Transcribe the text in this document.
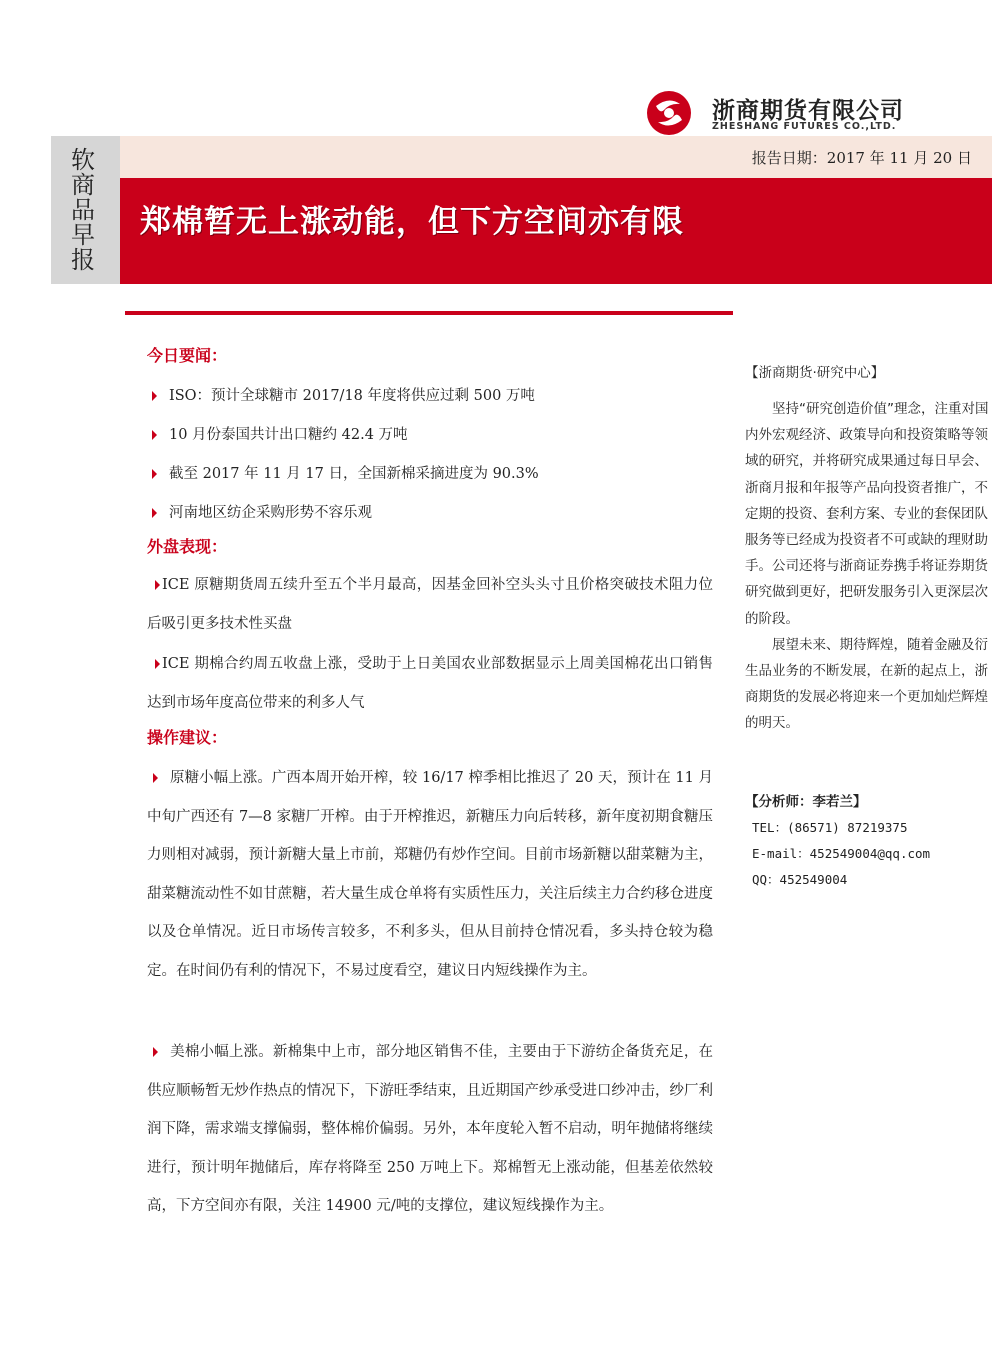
浙商期货有限公司
ZHESHANG FUTURES CO.,LTD.
软商品早报
报告日期：2017 年 11 月 20 日
郑棉暂无上涨动能，但下方空间亦有限
今日要闻：
ISO：预计全球糖市 2017/18 年度将供应过剩 500 万吨
10 月份泰国共计出口糖约 42.4 万吨
截至 2017 年 11 月 17 日，全国新棉采摘进度为 90.3%
河南地区纺企采购形势不容乐观
外盘表现：
ICE 原糖期货周五续升至五个半月最高，因基金回补空头头寸且价格突破技术阻力位后吸引更多技术性买盘
ICE 期棉合约周五收盘上涨，受助于上日美国农业部数据显示上周美国棉花出口销售达到市场年度高位带来的利多人气
操作建议：
原糖小幅上涨。广西本周开始开榨，较 16/17 榨季相比推迟了 20 天，预计在 11 月中旬广西还有 7—8 家糖厂开榨。由于开榨推迟，新糖压力向后转移，新年度初期食糖压力则相对减弱，预计新糖大量上市前，郑糖仍有炒作空间。目前市场新糖以甜菜糖为主，甜菜糖流动性不如甘蔗糖，若大量生成仓单将有实质性压力，关注后续主力合约移仓进度以及仓单情况。近日市场传言较多，不利多头，但从目前持仓情况看，多头持仓较为稳定。在时间仍有利的情况下，不易过度看空，建议日内短线操作为主。
美棉小幅上涨。新棉集中上市，部分地区销售不佳，主要由于下游纺企备货充足，在供应顺畅暂无炒作热点的情况下，下游旺季结束，且近期国产纱承受进口纱冲击，纱厂利润下降，需求端支撑偏弱，整体棉价偏弱。另外，本年度轮入暂不启动，明年抛储将继续进行，预计明年抛储后，库存将降至 250 万吨上下。郑棉暂无上涨动能，但基差依然较高，下方空间亦有限，关注 14900 元/吨的支撑位，建议短线操作为主。
【浙商期货·研究中心】

坚持“研究创造价值”理念，注重对国内外宏观经济、政策导向和投资策略等领域的研究，并将研究成果通过每日早会、浙商月报和年报等产品向投资者推广，不定期的投资、套利方案、专业的套保团队服务等已经成为投资者不可或缺的理财助手。公司还将与浙商证券携手将证券期货研究做到更好，把研发服务引入更深层次的阶段。

展望未来、期待辉煌，随着金融及衍生品业务的不断发展，在新的起点上，浙商期货的发展必将迎来一个更加灿烂辉煌的明天。

【分析师：李若兰】
TEL：(86571) 87219375
E-mail：452549004@qq.com
QQ：452549004
